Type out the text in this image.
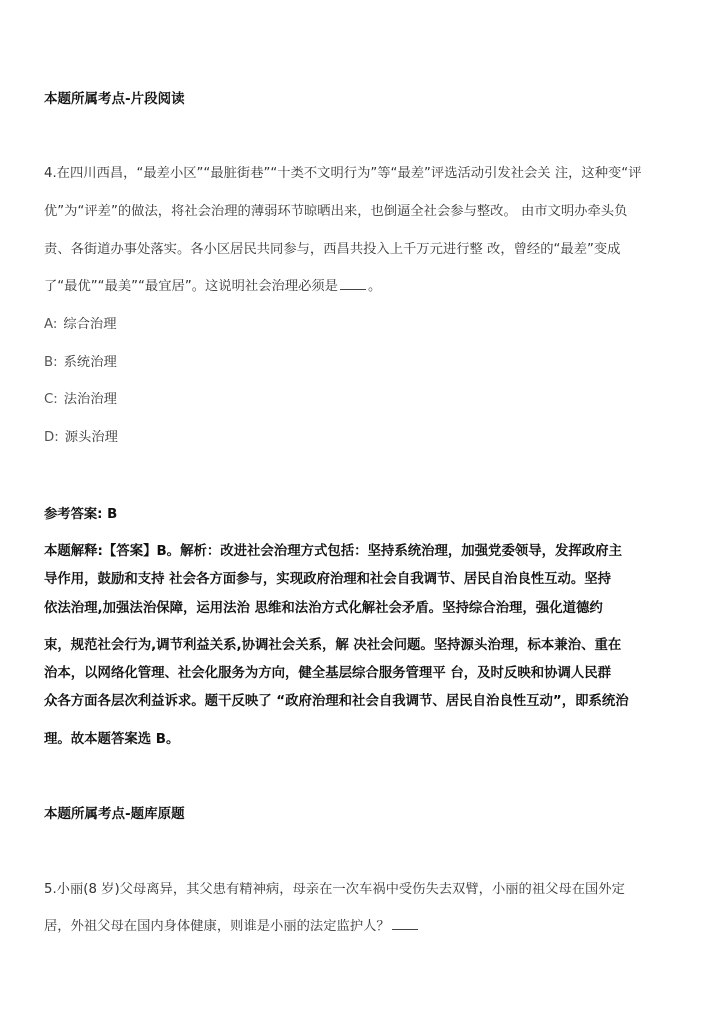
本题所属考点-片段阅读
4.在四川西昌，“最差小区”“最脏街巷”“十类不文明行为”等“最差”评选活动引发社会关 注，这种变“评
优”为“评差”的做法，将社会治理的薄弱环节晾晒出来，也倒逼全社会参与整改。 由市文明办牵头负
责、各街道办事处落实。各小区居民共同参与，西昌共投入上千万元进行整 改，曾经的“最差”变成
了“最优”“最美”“最宜居”。这说明社会治理必须是 。
A: 综合治理
B: 系统治理
C: 法治治理
D: 源头治理
参考答案: B
本题解释:【答案】B。解析：改进社会治理方式包括：坚持系统治理，加强党委领导，发挥政府主
导作用，鼓励和支持 社会各方面参与，实现政府治理和社会自我调节、居民自治良性互动。坚持
依法治理,加强法治保障，运用法治 思维和法治方式化解社会矛盾。坚持综合治理，强化道德约
束，规范社会行为,调节利益关系,协调社会关系，解 决社会问题。坚持源头治理，标本兼治、重在
治本，以网络化管理、社会化服务为方向，健全基层综合服务管理平 台，及时反映和协调人民群
众各方面各层次利益诉求。题干反映了 “政府治理和社会自我调节、居民自治良性互动”，即系统治
理。故本题答案选 B。
本题所属考点-题库原题
5.小丽(8 岁)父母离异，其父患有精神病，母亲在一次车祸中受伤失去双臂，小丽的祖父母在国外定
居，外祖父母在国内身体健康，则谁是小丽的法定监护人？
